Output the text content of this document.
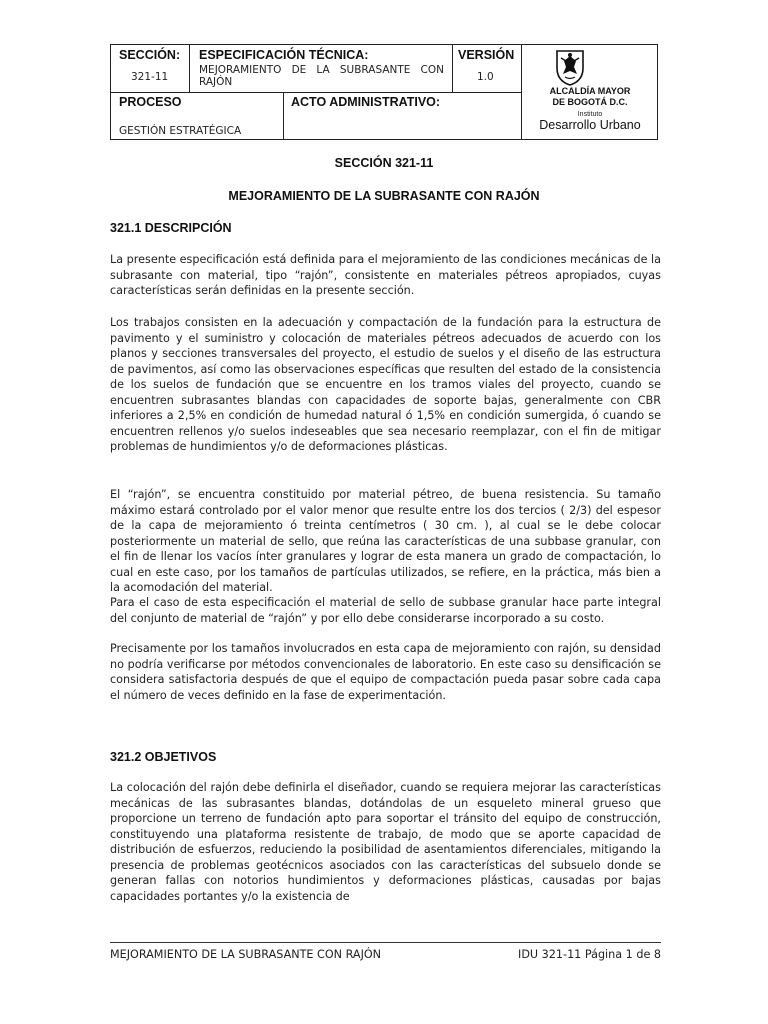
SECCIÓN:
321-11
ESPECIFICACIÓN TÉCNICA:
MEJORAMIENTO DE LA SUBRASANTE CON RAJÓN
VERSIÓN
1.0
PROCESO
GESTIÓN ESTRATÉGICA
ACTO ADMINISTRATIVO:
ALCALDÍA MAYOR
DE BOGOTÁ D.C.
Instituto
Desarrollo Urbano
SECCIÓN 321-11
MEJORAMIENTO DE LA SUBRASANTE CON RAJÓN
321.1 DESCRIPCIÓN

La presente especificación está definida para el mejoramiento de las condiciones mecánicas de la subrasante con material, tipo “rajón”, consistente en materiales pétreos apropiados, cuyas características serán definidas en la presente sección.

Los trabajos consisten en la adecuación y compactación de la fundación para la estructura de pavimento y el suministro y colocación de materiales pétreos adecuados de acuerdo con los planos y secciones transversales del proyecto, el estudio de suelos y el diseño de las estructura de pavimentos, así como las observaciones específicas que resulten del estado de la consistencia de los suelos de fundación que se encuentre en los tramos viales del proyecto, cuando se encuentren subrasantes blandas con capacidades de soporte bajas, generalmente con CBR inferiores a 2,5% en condición de humedad natural ó 1,5% en condición sumergida, ó cuando se encuentren rellenos y/o suelos indeseables que sea necesario reemplazar, con el fin de mitigar problemas de hundimientos y/o de deformaciones plásticas.

El “rajón”, se encuentra constituido por material pétreo, de buena resistencia. Su tamaño máximo estará controlado por el valor menor que resulte entre los dos tercios ( 2/3) del espesor de la capa de mejoramiento ó treinta centímetros ( 30 cm. ), al cual se le debe colocar posteriormente un material de sello, que reúna las características de una subbase granular, con el fin de llenar los vacíos ínter granulares y lograr de esta manera un grado de compactación, lo cual en este caso, por los tamaños de partículas utilizados, se refiere, en la práctica, más bien a la acomodación del material.

Para el caso de esta especificación el material de sello de subbase granular hace parte integral del conjunto de material de “rajón” y por ello debe considerarse incorporado a su costo.

Precisamente por los tamaños involucrados en esta capa de mejoramiento con rajón, su densidad no podría verificarse por métodos convencionales de laboratorio. En este caso su densificación se considera satisfactoria después de que el equipo de compactación pueda pasar sobre cada capa el número de veces definido en la fase de experimentación.

321.2 OBJETIVOS

La colocación del rajón debe definirla el diseñador, cuando se requiera mejorar las características mecánicas de las subrasantes blandas, dotándolas de un esqueleto mineral grueso que proporcione un terreno de fundación apto para soportar el tránsito del equipo de construcción, constituyendo una plataforma resistente de trabajo, de modo que se aporte capacidad de distribución de esfuerzos, reduciendo la posibilidad de asentamientos diferenciales, mitigando la presencia de problemas geotécnicos asociados con las características del subsuelo donde se generan fallas con notorios hundimientos y deformaciones plásticas, causadas por bajas capacidades portantes y/o la existencia de

MEJORAMIENTO DE LA SUBRASANTE CON RAJÓN	IDU 321-11 Página 1 de 8
